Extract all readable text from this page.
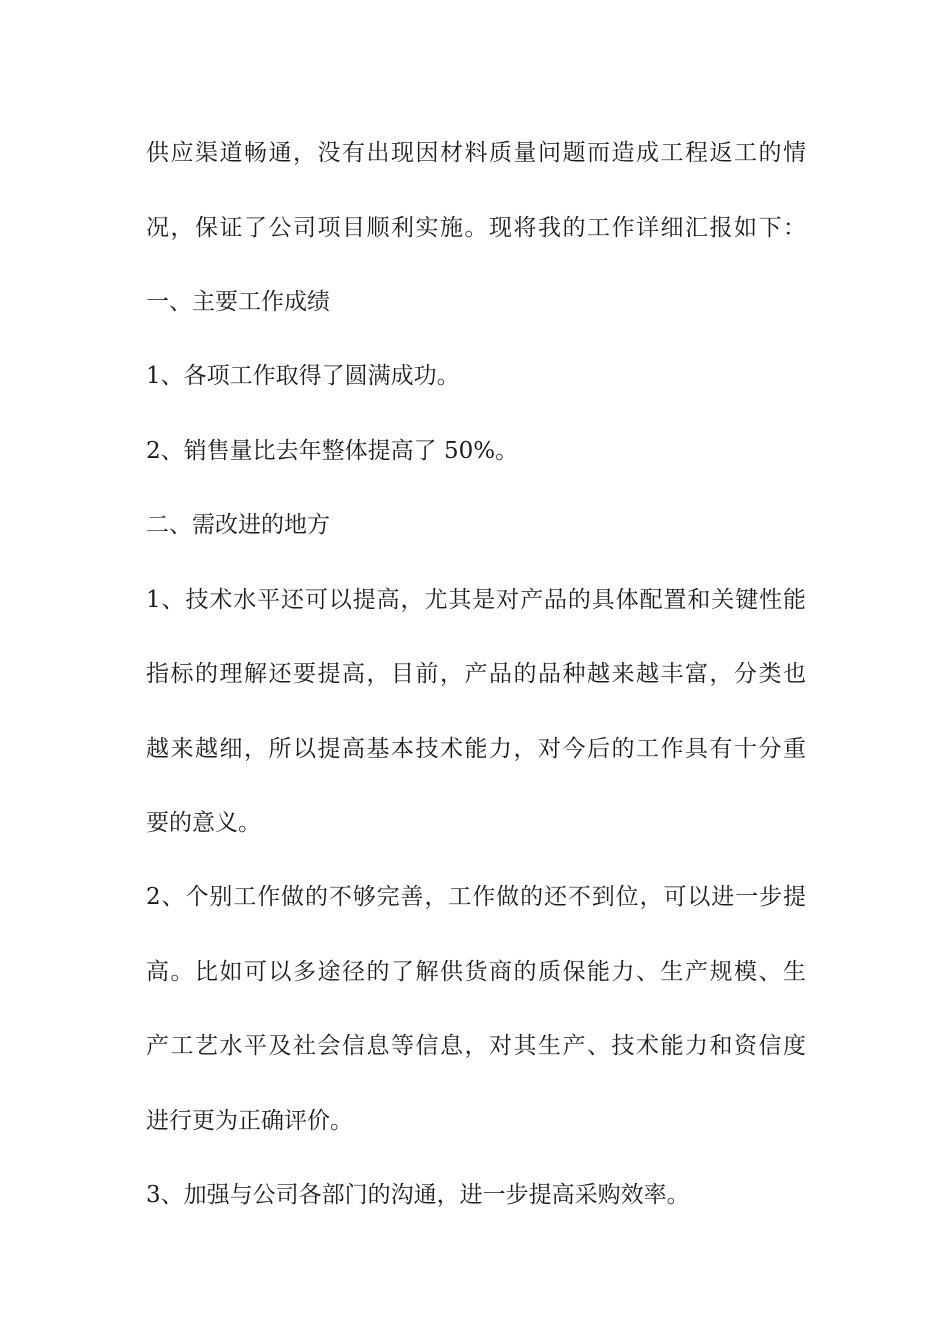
供应渠道畅通，没有出现因材料质量问题而造成工程返工的情
况，保证了公司项目顺利实施。现将我的工作详细汇报如下：
一、主要工作成绩
1、各项工作取得了圆满成功。
2、销售量比去年整体提高了 50%。
二、需改进的地方
1、技术水平还可以提高，尤其是对产品的具体配置和关键性能
指标的理解还要提高，目前，产品的品种越来越丰富，分类也
越来越细，所以提高基本技术能力，对今后的工作具有十分重
要的意义。
2、个别工作做的不够完善，工作做的还不到位，可以进一步提
高。比如可以多途径的了解供货商的质保能力、生产规模、生
产工艺水平及社会信息等信息，对其生产、技术能力和资信度
进行更为正确评价。
3、加强与公司各部门的沟通，进一步提高采购效率。
